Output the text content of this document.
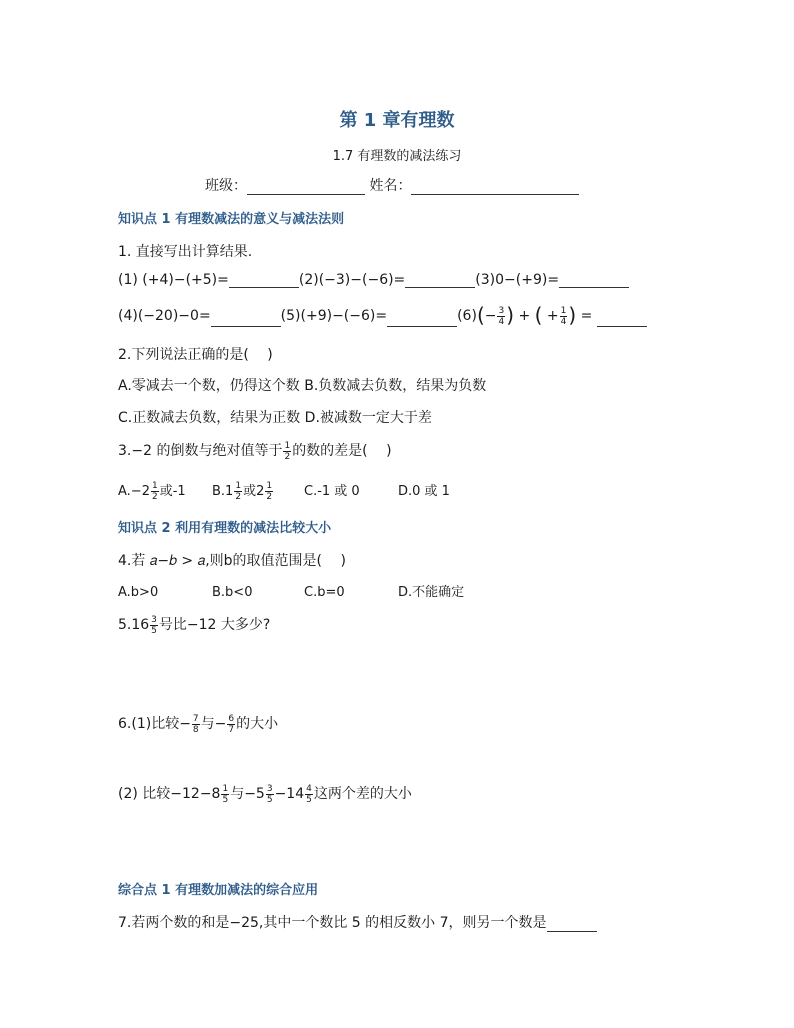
第 1 章有理数
1.7 有理数的减法练习
班级：	姓名：
知识点 1 有理数减法的意义与减法法则
1. 直接写出计算结果.
(1) (+4)−(+5)=	(2)(−3)−(−6)=	(3)0−(+9)=
(4)(−20)−0=	(5)(+9)−(−6)=	$(6)(- \frac{3}{4}$ ) + ( + $\frac{1}{4}$ ) =
2.下列说法正确的是(　 )
A.零减去一个数，仍得这个数 B.负数减去负数，结果为负数
C.正数减去负数，结果为正数 D.被减数一定大于差
3.−2 的倒数与绝对值等于 $\frac{1}{2}$ 的数的差是(　 )
$A.-2 \frac{1}{2}$ 或-1 $B.1 \frac{1}{2}$ 或$2 \frac{1}{2} C.-1$ 或 0	D.0 或 1
知识点 2 利用有理数的减法比较大小
4.若 𝑎−𝑏 > 𝑎,则b的取值范围是(　 )
A.b>0	B.b<0	C.b=0	D.不能确定
$5.16 \frac{3}{5}$ 号比−12 大多少?
6.(1)比较− $\frac{7}{8}$ 与− $\frac{6}{7}$ 的大小
(2) 比较$-12-8 \frac{1}{5}$ 与$-5 \frac{3}{5} -14 \frac{4}{5}$ 这两个差的大小
综合点 1 有理数加减法的综合应用
7.若两个数的和是−25,其中一个数比 5 的相反数小 7，则另一个数是
